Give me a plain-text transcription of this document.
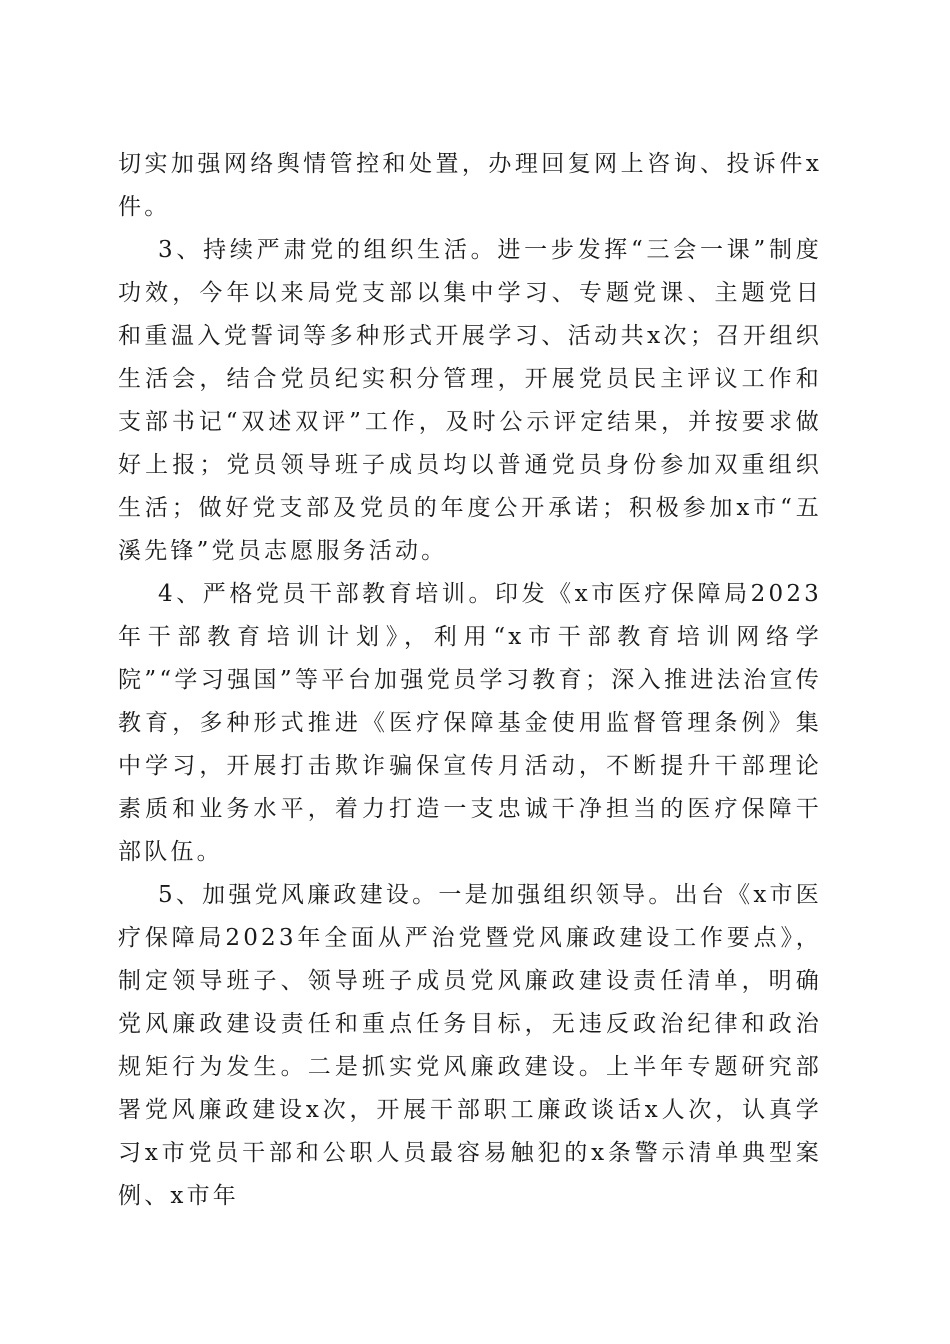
切实加强网络舆情管控和处置，办理回复网上咨询、投诉件x件。

3、持续严肃党的组织生活。进一步发挥“三会一课”制度功效，今年以来局党支部以集中学习、专题党课、主题党日和重温入党誓词等多种形式开展学习、活动共x次；召开组织生活会，结合党员纪实积分管理，开展党员民主评议工作和支部书记“双述双评”工作，及时公示评定结果，并按要求做好上报；党员领导班子成员均以普通党员身份参加双重组织生活；做好党支部及党员的年度公开承诺；积极参加x市“五溪先锋”党员志愿服务活动。

4、严格党员干部教育培训。印发《x市医疗保障局2023年干部教育培训计划》，利用“x市干部教育培训网络学院”“学习强国”等平台加强党员学习教育；深入推进法治宣传教育，多种形式推进《医疗保障基金使用监督管理条例》集中学习，开展打击欺诈骗保宣传月活动，不断提升干部理论素质和业务水平，着力打造一支忠诚干净担当的医疗保障干部队伍。

5、加强党风廉政建设。一是加强组织领导。出台《x市医疗保障局2023年全面从严治党暨党风廉政建设工作要点》，制定领导班子、领导班子成员党风廉政建设责任清单，明确党风廉政建设责任和重点任务目标，无违反政治纪律和政治规矩行为发生。二是抓实党风廉政建设。上半年专题研究部署党风廉政建设x次，开展干部职工廉政谈话x人次，认真学习x市党员干部和公职人员最容易触犯的x条警示清单典型案例、x市年
